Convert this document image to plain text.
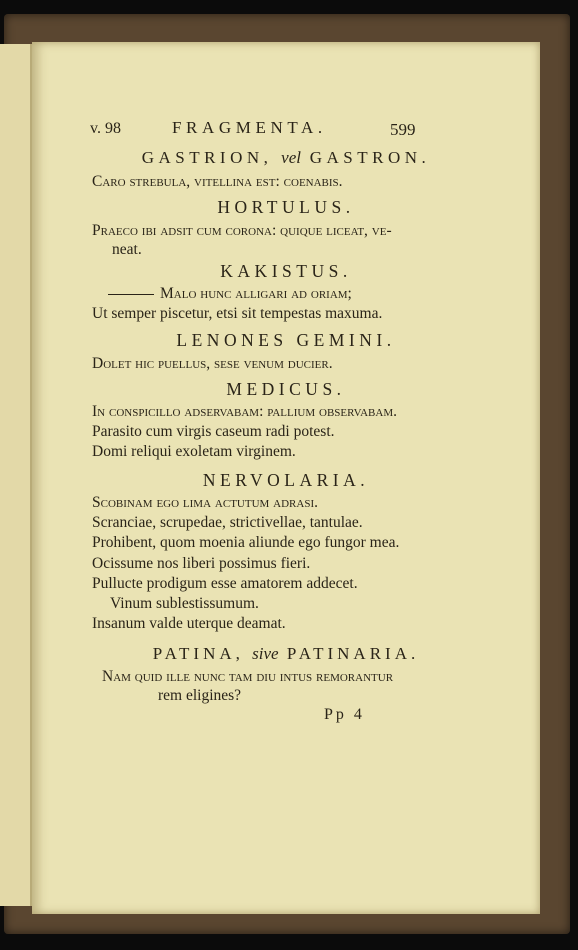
v. 98	FRAGMENTA.	599
GASTRION, vel GASTRON.
Caro strebula, vitellina est: coenabis.
HORTULUS.
Praeco ibi adsit cum corona: quique liceat, ve-
neat.
KAKISTUS.
Malo hunc alligari ad oriam;
Ut semper piscetur, etsi sit tempestas maxuma.
LENONES GEMINI.
Dolet hic puellus, sese venum ducier.
MEDICUS.
In conspicillo adservabam: pallium observabam.
Parasito cum virgis caseum radi potest.
Domi reliqui exoletam virginem.
NERVOLARIA.
Scobinam ego lima actutum adrasi.
Scranciae, scrupedae, strictivellae, tantulae.
Prohibent, quom moenia aliunde ego fungor mea.
Ocissume nos liberi possimus fieri.
Pullucte prodigum esse amatorem addecet.
Vinum sublestissumum.
Insanum valde uterque deamat.
PATINA, sive PATINARIA.
Nam quid ille nunc tam diu intus remorantur
rem eligines?
Pp 4
